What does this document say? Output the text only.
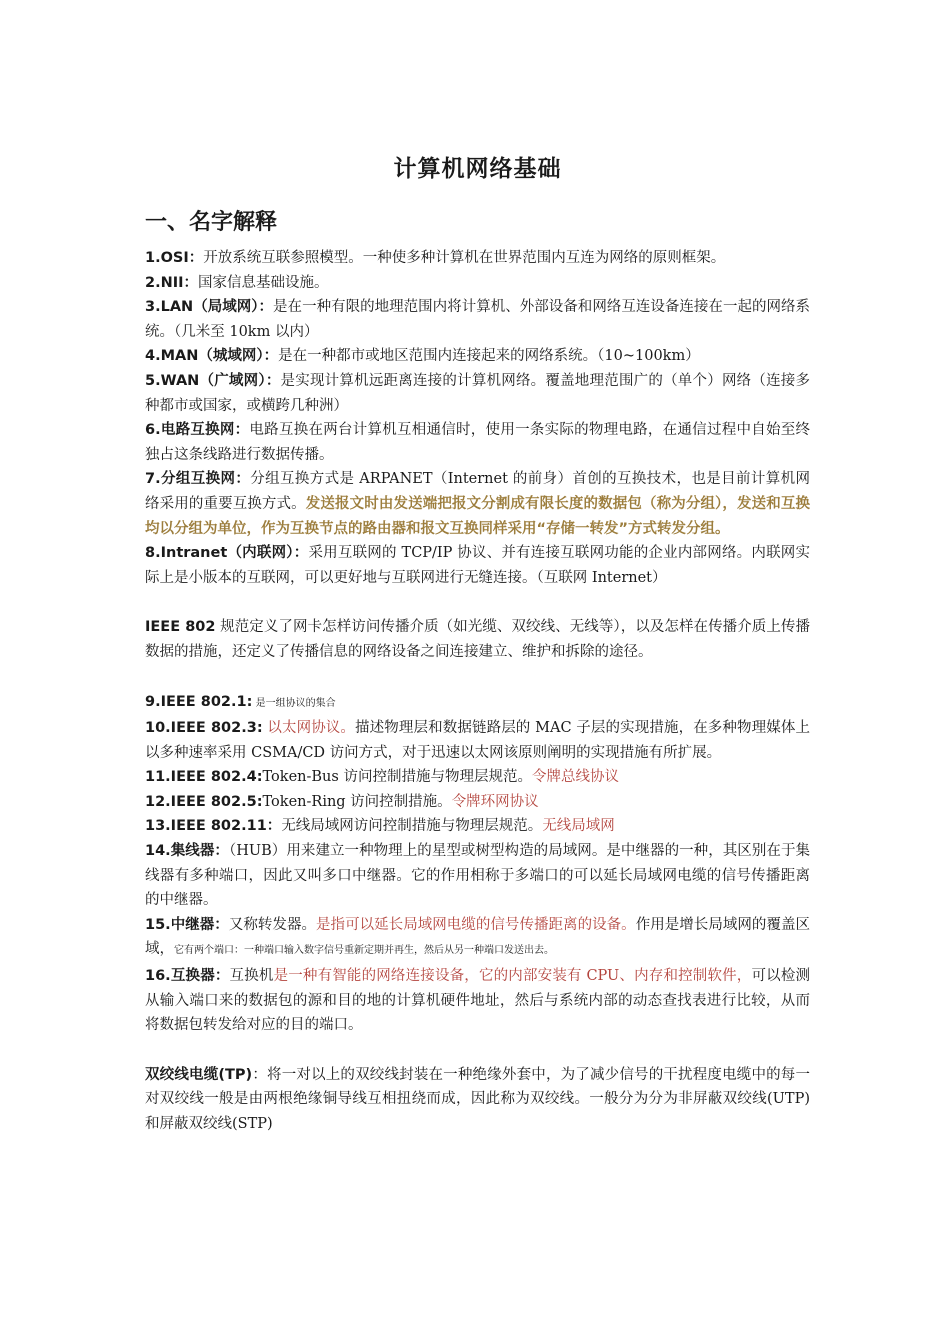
计算机网络基础
一、名字解释

1.OSI：开放系统互联参照模型。一种使多种计算机在世界范围内互连为网络的原则框架。

2.NII：国家信息基础设施。

3.LAN（局域网）：是在一种有限的地理范围内将计算机、外部设备和网络互连设备连接在一起的网络系统。（几米至 10km 以内）

4.MAN（城域网）：是在一种都市或地区范围内连接起来的网络系统。（10~100km）

5.WAN（广域网）：是实现计算机远距离连接的计算机网络。覆盖地理范围广的（单个）网络（连接多种都市或国家，或横跨几种洲）

6.电路互换网：电路互换在两台计算机互相通信时，使用一条实际的物理电路，在通信过程中自始至终独占这条线路进行数据传播。

7.分组互换网：分组互换方式是 ARPANET（Internet 的前身）首创的互换技术，也是目前计算机网络采用的重要互换方式。发送报文时由发送端把报文分割成有限长度的数据包（称为分组），发送和互换均以分组为单位，作为互换节点的路由器和报文互换同样采用“存储一转发”方式转发分组。

8.Intranet（内联网）：采用互联网的 TCP/IP 协议、并有连接互联网功能的企业内部网络。内联网实际上是小版本的互联网，可以更好地与互联网进行无缝连接。（互联网 Internet）

IEEE 802 规范定义了网卡怎样访问传播介质（如光缆、双绞线、无线等），以及怎样在传播介质上传播数据的措施，还定义了传播信息的网络设备之间连接建立、维护和拆除的途径。

9.IEEE 802.1: 是一组协议的集合

10.IEEE 802.3: 以太网协议。描述物理层和数据链路层的 MAC 子层的实现措施，在多种物理媒体上以多种速率采用 CSMA/CD 访问方式，对于迅速以太网该原则阐明的实现措施有所扩展。

11.IEEE 802.4:Token-Bus 访问控制措施与物理层规范。令牌总线协议

12.IEEE 802.5:Token-Ring 访问控制措施。令牌环网协议

13.IEEE 802.11：无线局域网访问控制措施与物理层规范。无线局域网

14.集线器：（HUB）用来建立一种物理上的星型或树型构造的局域网。是中继器的一种，其区别在于集线器有多种端口，因此又叫多口中继器。它的作用相称于多端口的可以延长局域网电缆的信号传播距离的中继器。

15.中继器：又称转发器。是指可以延长局域网电缆的信号传播距离的设备。作用是增长局域网的覆盖区域，它有两个端口：一种端口输入数字信号重新定期并再生，然后从另一种端口发送出去。

16.互换器：互换机是一种有智能的网络连接设备，它的内部安装有 CPU、内存和控制软件，可以检测从输入端口来的数据包的源和目的地的计算机硬件地址，然后与系统内部的动态查找表进行比较，从而将数据包转发给对应的目的端口。

双绞线电缆(TP)：将一对以上的双绞线封装在一种绝缘外套中，为了减少信号的干扰程度电缆中的每一对双绞线一般是由两根绝缘铜导线互相扭绕而成，因此称为双绞线。一般分为分为非屏蔽双绞线(UTP)和屏蔽双绞线(STP)
